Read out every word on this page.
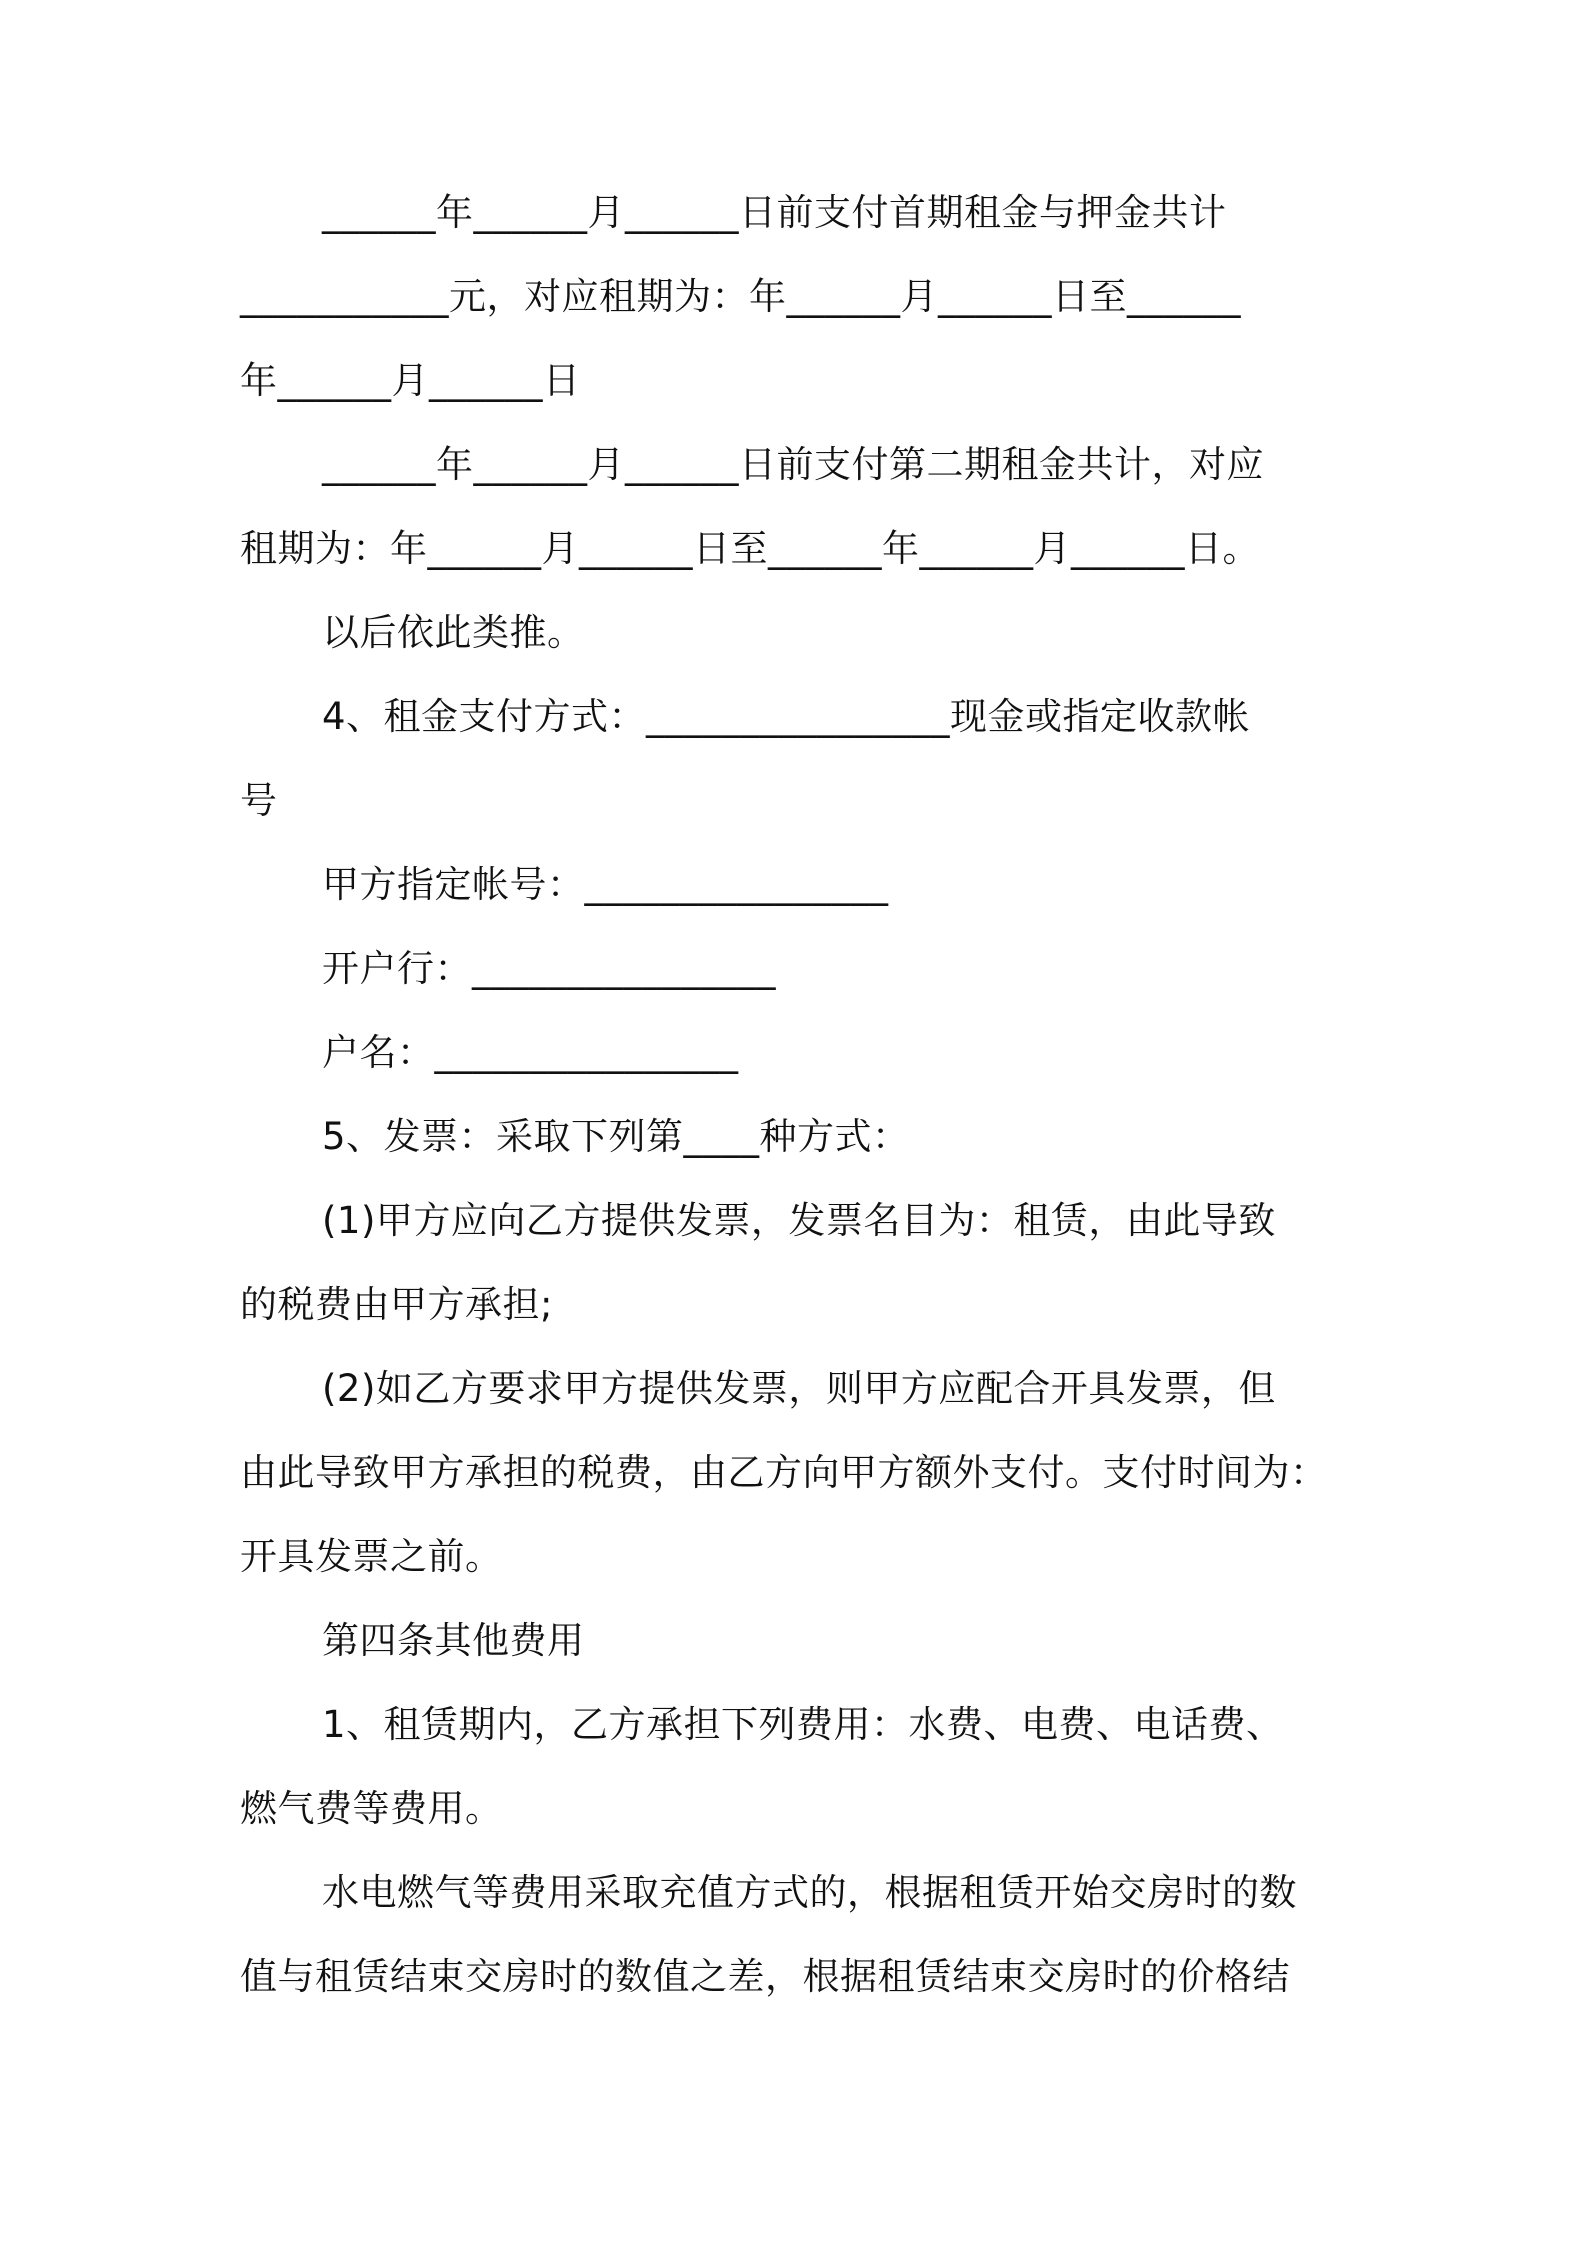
______年______月______日前支付首期租金与押金共计
___________元，对应租期为：年______月______日至______
年______月______日
______年______月______日前支付第二期租金共计，对应
租期为：年______月______日至______年______月______日。
以后依此类推。
4、租金支付方式：________________现金或指定收款帐
号
甲方指定帐号：________________
开户行：________________
户名：________________
5、发票：采取下列第____种方式：
(1)甲方应向乙方提供发票，发票名目为：租赁，由此导致
的税费由甲方承担;
(2)如乙方要求甲方提供发票，则甲方应配合开具发票，但
由此导致甲方承担的税费，由乙方向甲方额外支付。支付时间为：
开具发票之前。
第四条其他费用
1、租赁期内，乙方承担下列费用：水费、电费、电话费、
燃气费等费用。
水电燃气等费用采取充值方式的，根据租赁开始交房时的数
值与租赁结束交房时的数值之差，根据租赁结束交房时的价格结
